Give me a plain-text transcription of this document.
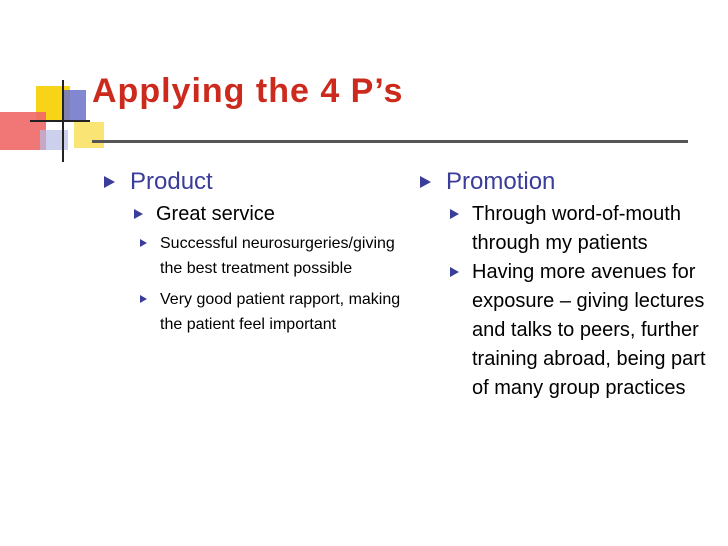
Applying the 4 P’s
Product
Great service
Successful neurosurgeries/giving the best treatment possible
Very good patient rapport, making the patient feel important
Promotion
Through word-of-mouth through my patients
Having more avenues for exposure – giving lectures and talks to peers, further training abroad, being part of many group practices
